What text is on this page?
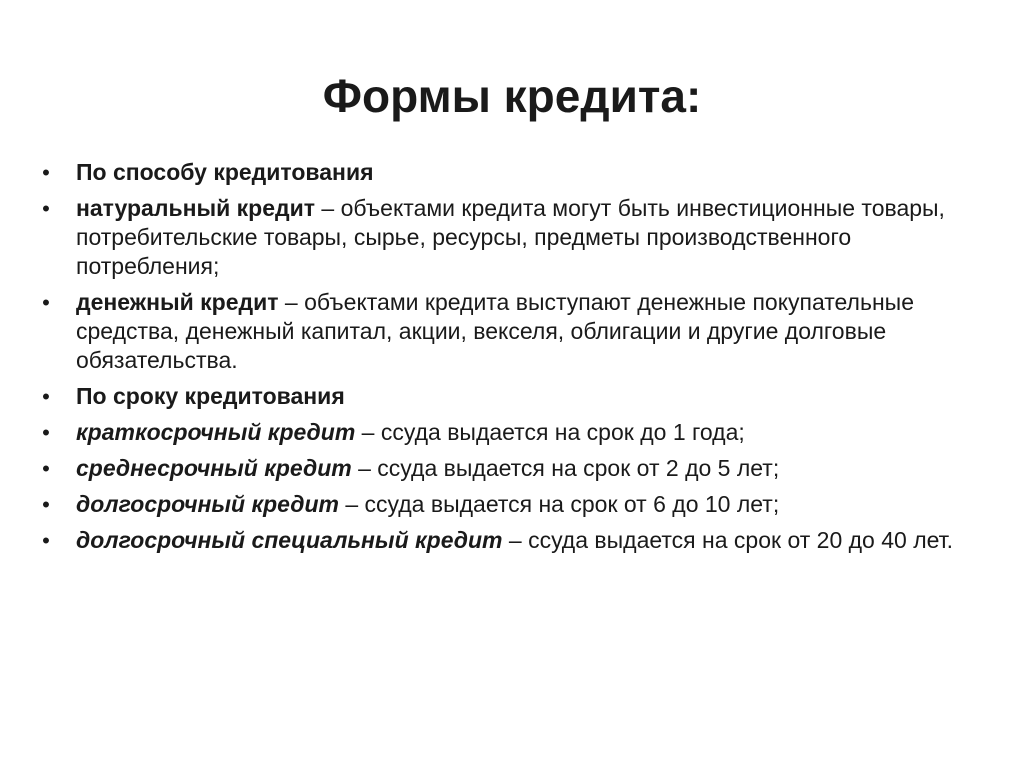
Формы кредита:
• По способу кредитования
• натуральный кредит – объектами кредита могут быть инвестиционные товары, потребительские товары, сырье, ресурсы, предметы производственного потребления;
• денежный кредит – объектами кредита выступают денежные покупательные средства, денежный капитал, акции, векселя, облигации и другие долговые обязательства.
• По сроку кредитования
• краткосрочный кредит – ссуда выдается на срок до 1 года;
• среднесрочный кредит – ссуда выдается на срок от 2 до 5 лет;
• долгосрочный кредит – ссуда выдается на срок от 6 до 10 лет;
• долгосрочный специальный кредит – ссуда выдается на срок от 20 до 40 лет.
